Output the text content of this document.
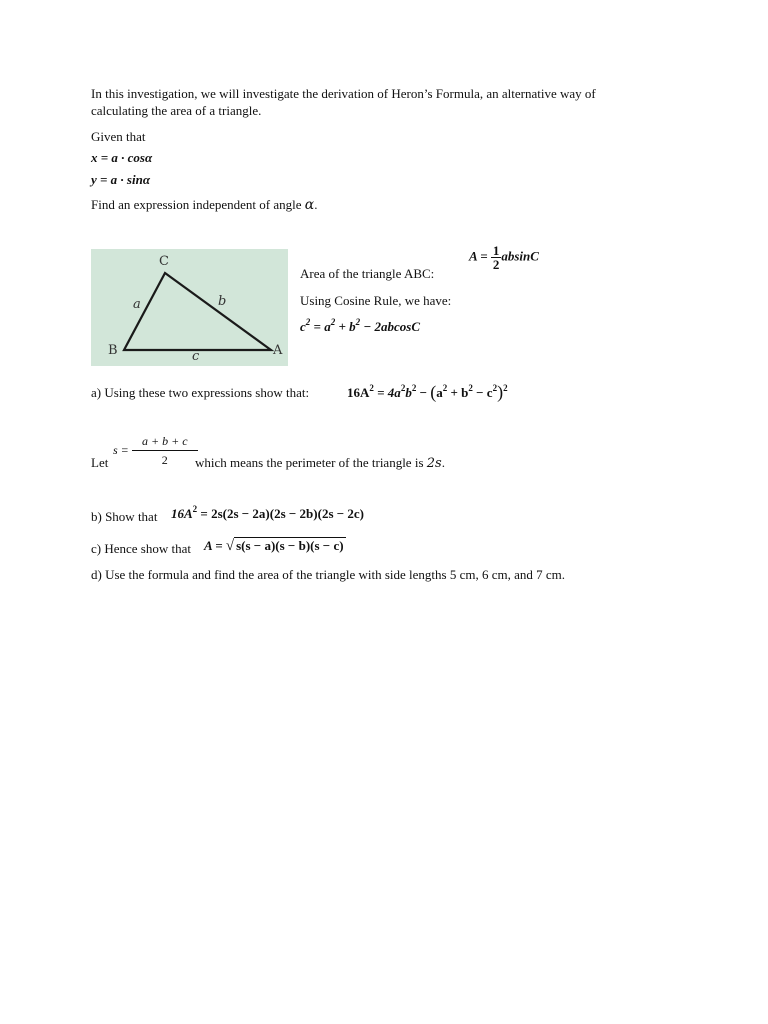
In this investigation, we will investigate the derivation of Heron’s Formula, an alternative way of
calculating the area of a triangle.
Given that
x = a · cosα
y = a · sinα
Find an expression independent of angle α.
C
B	A
a	b
c
Area of the triangle ABC:
$A = \frac{1}{2}$ absinC
Using Cosine Rule, we have:
$c^2 = a^2 + b^2 - 2abcosC$
a) Using these two expressions show that:	$16A^2 = 4a^2b^2 - (a^2 + b^2 - c^2)^2$
Let
$s = \frac{a + b + c}{2}$
which means the perimeter of the triangle is 2s.
b) Show that $16A^2 = 2s(2s - 2a)(2s - 2b)(2s - 2c)$
c) Hence show that A = √ s(s − a)(s − b)(s − c)
d) Use the formula and find the area of the triangle with side lengths 5 cm, 6 cm, and 7 cm.
